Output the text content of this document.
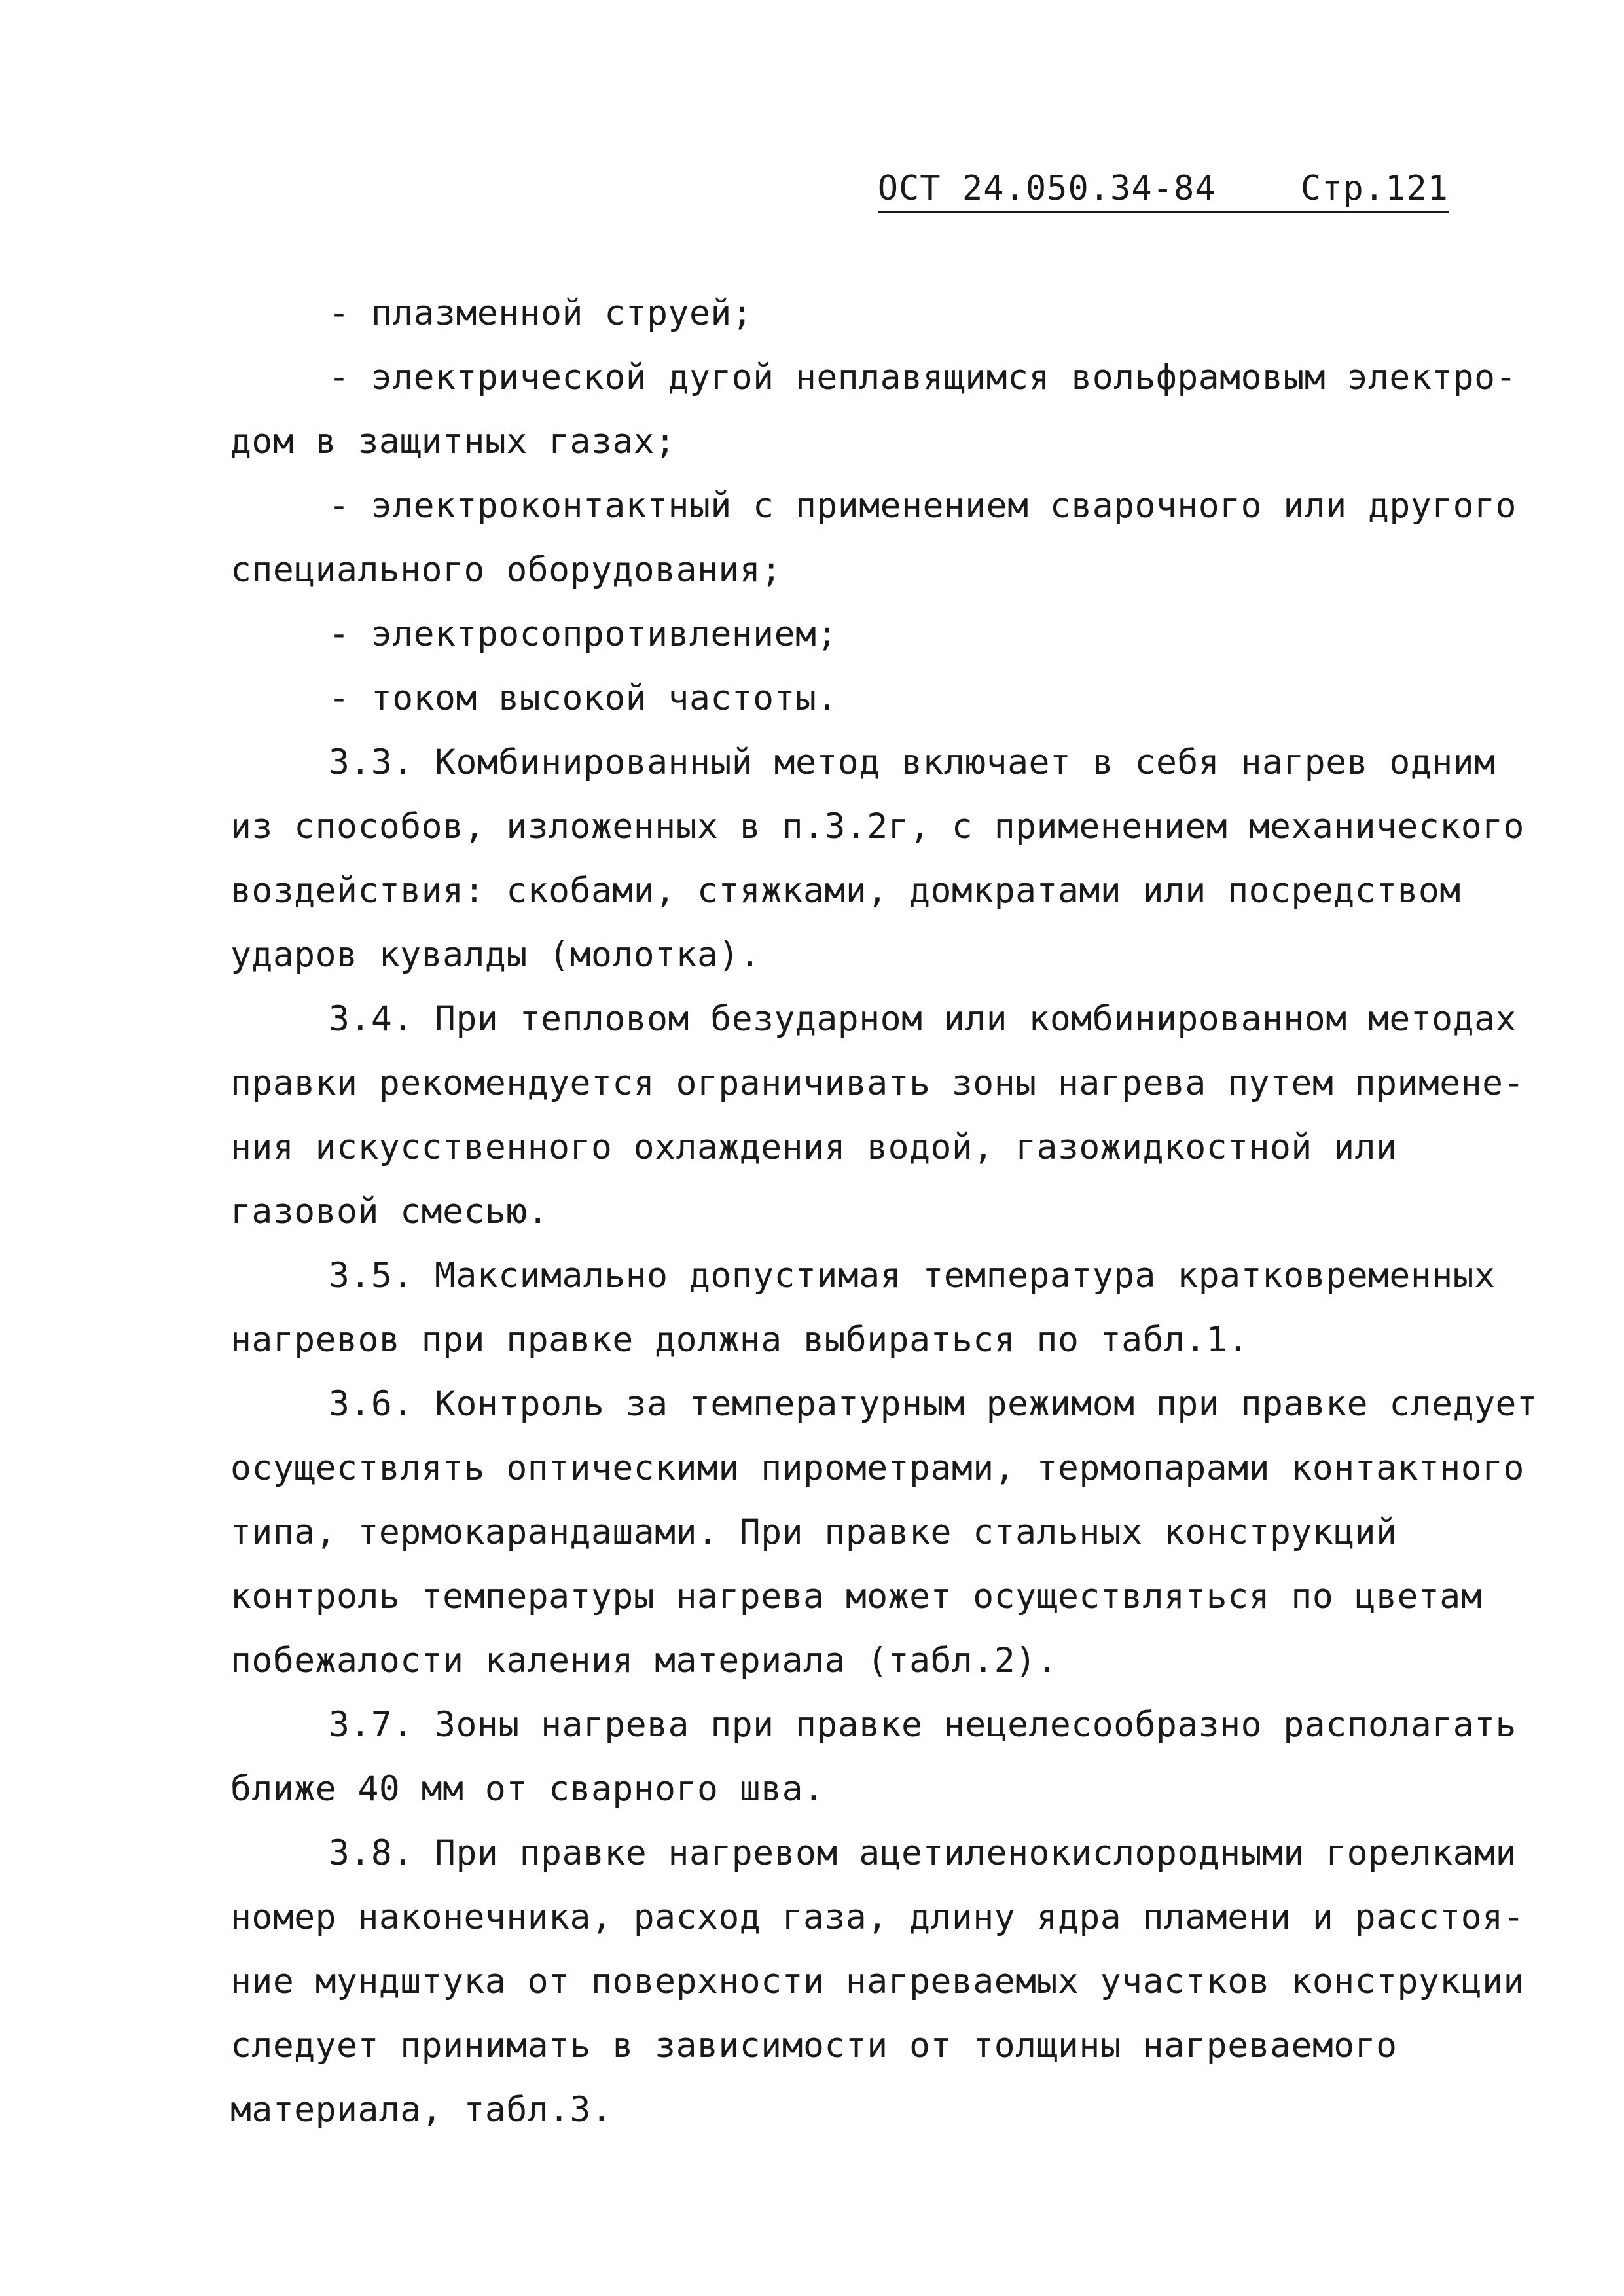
ОСТ 24.050.34-84 Стр.121
- плазменной струей;
- электрической дугой неплавящимся вольфрамовым электро-
дом в защитных газах;
- электроконтактный с применением сварочного или другого
специального оборудования;
- электросопротивлением;
- током высокой частоты.
3.3. Комбинированный метод включает в себя нагрев одним
из способов, изложенных в п.3.2г, с применением механического
воздействия: скобами, стяжками, домкратами или посредством
ударов кувалды (молотка).
3.4. При тепловом безударном или комбинированном методах
правки рекомендуется ограничивать зоны нагрева путем примене-
ния искусственного охлаждения водой, газожидкостной или
газовой смесью.
3.5. Максимально допустимая температура кратковременных
нагревов при правке должна выбираться по табл.1.
3.6. Контроль за температурным режимом при правке следует
осуществлять оптическими пирометрами, термопарами контактного
типа, термокарандашами. При правке стальных конструкций
контроль температуры нагрева может осуществляться по цветам
побежалости каления материала (табл.2).
3.7. Зоны нагрева при правке нецелесообразно располагать
ближе 40 мм от сварного шва.
3.8. При правке нагревом ацетиленокислородными горелками
номер наконечника, расход газа, длину ядра пламени и расстоя-
ние мундштука от поверхности нагреваемых участков конструкции
следует принимать в зависимости от толщины нагреваемого
материала, табл.3.
